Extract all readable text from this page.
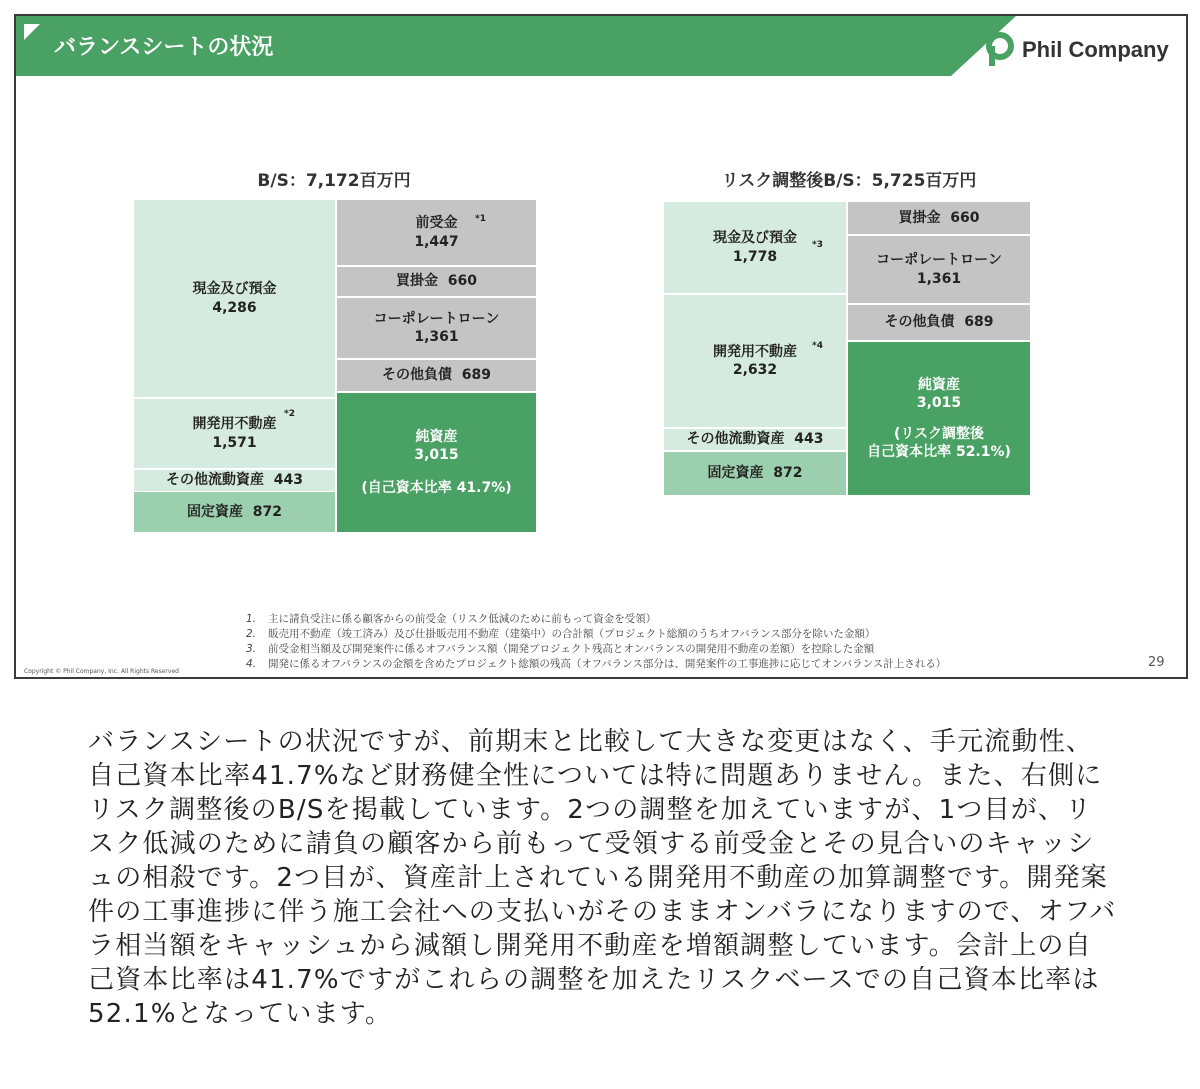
バランスシートの状況	Phil Company
B/S：7,172百万円
現金及び預金
4,286
開発用不動産
1,571
*2
その他流動資産 443
固定資産 872
前受金
1,447
*1
買掛金 660
コーポレートローン
1,361
その他負債 689
純資産
3,015
(自己資本比率 41.7%)
リスク調整後B/S：5,725百万円
現金及び預金
1,778
*3
開発用不動産
2,632
*4
その他流動資産 443
固定資産 872
買掛金 660
コーポレートローン
1,361
その他負債 689
純資産
3,015
(リスク調整後
自己資本比率 52.1%)
1.	主に請負受注に係る顧客からの前受金（リスク低減のために前もって資金を受領）
2.	販売用不動産（竣工済み）及び仕掛販売用不動産（建築中）の合計額（プロジェクト総額のうちオフバランス部分を除いた金額）
3.	前受金相当額及び開発案件に係るオフバランス額（開発プロジェクト残高とオンバランスの開発用不動産の差額）を控除した金額
4.	開発に係るオフバランスの金額を含めたプロジェクト総額の残高（オフバランス部分は、開発案件の工事進捗に応じてオンバランス計上される）
Copyright © Phil Company, Inc. All Rights Reserved
29
バランスシートの状況ですが、前期末と比較して大きな変更はなく、手元流動性、自己資本比率41.7%など財務健全性については特に問題ありません。また、右側にリスク調整後のB/Sを掲載しています。2つの調整を加えていますが、1つ目が、リスク低減のために請負の顧客から前もって受領する前受金とその見合いのキャッシュの相殺です。2つ目が、資産計上されている開発用不動産の加算調整です。開発案件の工事進捗に伴う施工会社への支払いがそのままオンバラになりますので、オフバラ相当額をキャッシュから減額し開発用不動産を増額調整しています。会計上の自己資本比率は41.7%ですがこれらの調整を加えたリスクベースでの自己資本比率は52.1%となっています。
